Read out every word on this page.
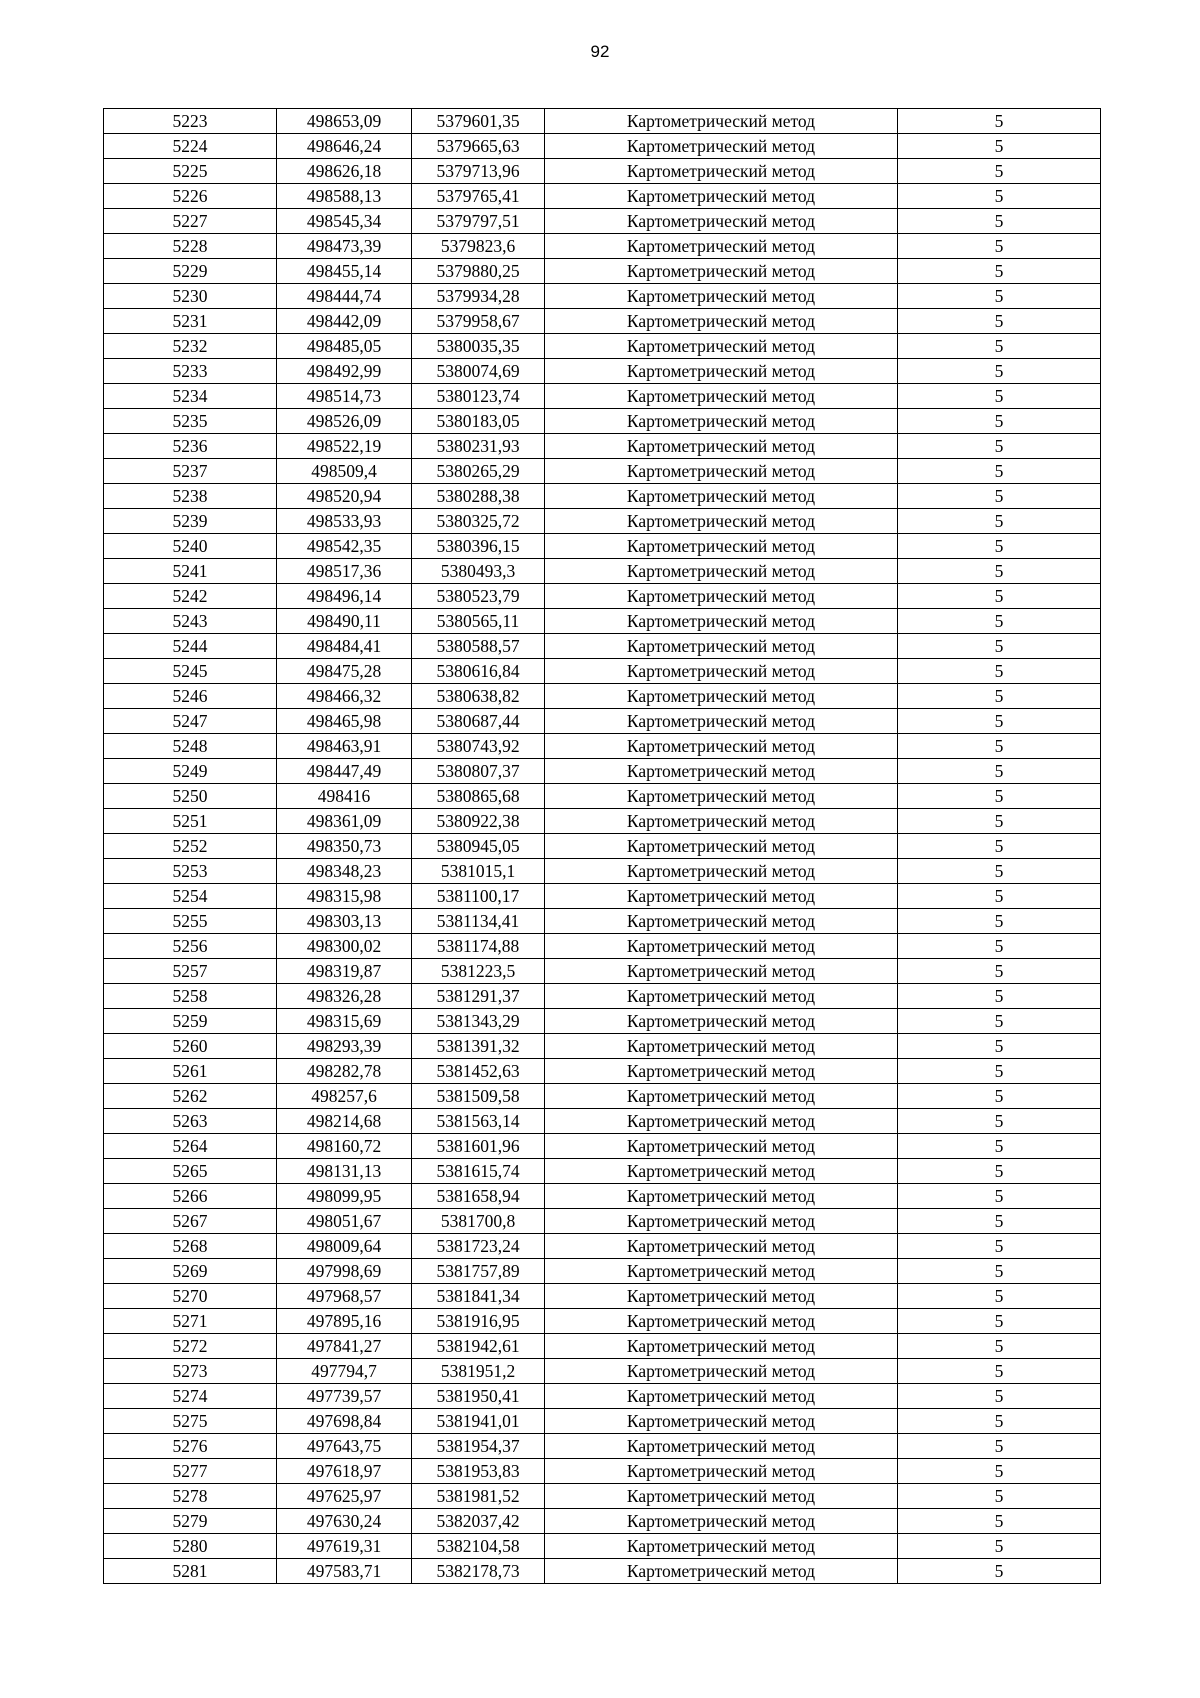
92
5223	498653,09	5379601,35	Картометрический метод	5
5224	498646,24	5379665,63	Картометрический метод	5
5225	498626,18	5379713,96	Картометрический метод	5
5226	498588,13	5379765,41	Картометрический метод	5
5227	498545,34	5379797,51	Картометрический метод	5
5228	498473,39	5379823,6	Картометрический метод	5
5229	498455,14	5379880,25	Картометрический метод	5
5230	498444,74	5379934,28	Картометрический метод	5
5231	498442,09	5379958,67	Картометрический метод	5
5232	498485,05	5380035,35	Картометрический метод	5
5233	498492,99	5380074,69	Картометрический метод	5
5234	498514,73	5380123,74	Картометрический метод	5
5235	498526,09	5380183,05	Картометрический метод	5
5236	498522,19	5380231,93	Картометрический метод	5
5237	498509,4	5380265,29	Картометрический метод	5
5238	498520,94	5380288,38	Картометрический метод	5
5239	498533,93	5380325,72	Картометрический метод	5
5240	498542,35	5380396,15	Картометрический метод	5
5241	498517,36	5380493,3	Картометрический метод	5
5242	498496,14	5380523,79	Картометрический метод	5
5243	498490,11	5380565,11	Картометрический метод	5
5244	498484,41	5380588,57	Картометрический метод	5
5245	498475,28	5380616,84	Картометрический метод	5
5246	498466,32	5380638,82	Картометрический метод	5
5247	498465,98	5380687,44	Картометрический метод	5
5248	498463,91	5380743,92	Картометрический метод	5
5249	498447,49	5380807,37	Картометрический метод	5
5250	498416	5380865,68	Картометрический метод	5
5251	498361,09	5380922,38	Картометрический метод	5
5252	498350,73	5380945,05	Картометрический метод	5
5253	498348,23	5381015,1	Картометрический метод	5
5254	498315,98	5381100,17	Картометрический метод	5
5255	498303,13	5381134,41	Картометрический метод	5
5256	498300,02	5381174,88	Картометрический метод	5
5257	498319,87	5381223,5	Картометрический метод	5
5258	498326,28	5381291,37	Картометрический метод	5
5259	498315,69	5381343,29	Картометрический метод	5
5260	498293,39	5381391,32	Картометрический метод	5
5261	498282,78	5381452,63	Картометрический метод	5
5262	498257,6	5381509,58	Картометрический метод	5
5263	498214,68	5381563,14	Картометрический метод	5
5264	498160,72	5381601,96	Картометрический метод	5
5265	498131,13	5381615,74	Картометрический метод	5
5266	498099,95	5381658,94	Картометрический метод	5
5267	498051,67	5381700,8	Картометрический метод	5
5268	498009,64	5381723,24	Картометрический метод	5
5269	497998,69	5381757,89	Картометрический метод	5
5270	497968,57	5381841,34	Картометрический метод	5
5271	497895,16	5381916,95	Картометрический метод	5
5272	497841,27	5381942,61	Картометрический метод	5
5273	497794,7	5381951,2	Картометрический метод	5
5274	497739,57	5381950,41	Картометрический метод	5
5275	497698,84	5381941,01	Картометрический метод	5
5276	497643,75	5381954,37	Картометрический метод	5
5277	497618,97	5381953,83	Картометрический метод	5
5278	497625,97	5381981,52	Картометрический метод	5
5279	497630,24	5382037,42	Картометрический метод	5
5280	497619,31	5382104,58	Картометрический метод	5
5281	497583,71	5382178,73	Картометрический метод	5
